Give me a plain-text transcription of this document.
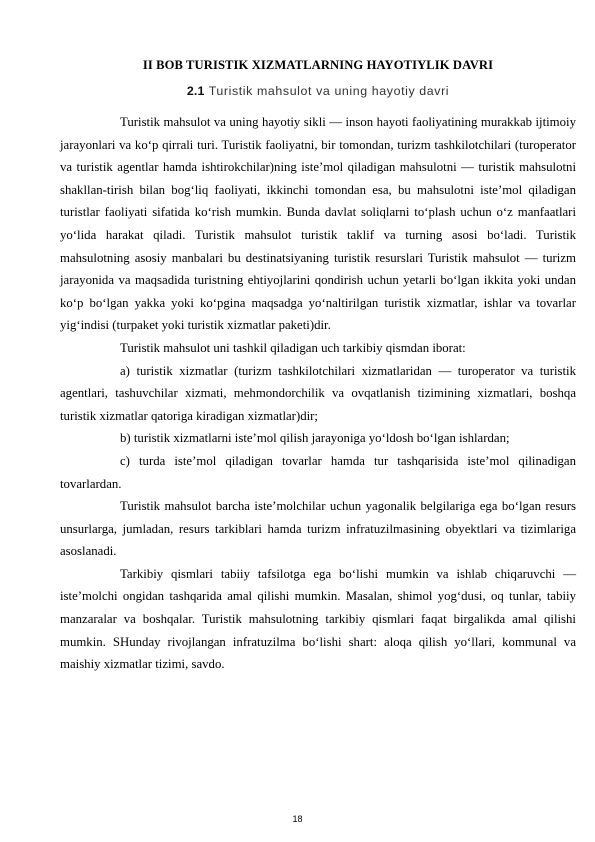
II BOB TURISTIK XIZMATLARNING HAYOTIYLIK DAVRI
2.1 Turistik mahsulot va uning hayotiy davri

Turistik mahsulot va uning hayotiy sikli — inson hayoti faoliyatining murakkab ijtimoiy jarayonlari va ko‘p qirrali turi. Turistik faoliyatni, bir tomondan, turizm tashkilotchilari (turoperator va turistik agentlar hamda ishtirokchilar)ning iste’mol qiladigan mahsulotni — turistik mahsulotni shakllan-tirish bilan bog‘liq faoliyati, ikkinchi tomondan esa, bu mahsulotni iste’mol qiladigan turistlar faoliyati sifatida ko‘rish mumkin. Bunda davlat soliqlarni to‘plash uchun o‘z manfaatlari yo‘lida harakat qiladi. Turistik mahsulot turistik taklif va turning asosi bo‘ladi. Turistik mahsulotning asosiy manbalari bu destinatsiyaning turistik resurslari Turistik mahsulot — turizm jarayonida va maqsadida turistning ehtiyojlarini qondirish uchun yetarli bo‘lgan ikkita yoki undan ko‘p bo‘lgan yakka yoki ko‘pgina maqsadga yo‘naltirilgan turistik xizmatlar, ishlar va tovarlar yig‘indisi (turpaket yoki turistik xizmatlar paketi)dir.

Turistik mahsulot uni tashkil qiladigan uch tarkibiy qismdan iborat:

a) turistik xizmatlar (turizm tashkilotchilari xizmatlaridan — turoperator va turistik agentlari, tashuvchilar xizmati, mehmondorchilik va ovqatlanish tizimining xizmatlari, boshqa turistik xizmatlar qatoriga kiradigan xizmatlar)dir;

b) turistik xizmatlarni iste’mol qilish jarayoniga yo‘ldosh bo‘lgan ishlardan;

c) turda iste’mol qiladigan tovarlar hamda tur tashqarisida iste’mol qilinadigan tovarlardan.

Turistik mahsulot barcha iste’molchilar uchun yagonalik belgilariga ega bo‘lgan resurs unsurlarga, jumladan, resurs tarkiblari hamda turizm infratuzilmasining obyektlari va tizimlariga asoslanadi.

Tarkibiy qismlari tabiiy tafsilotga ega bo‘lishi mumkin va ishlab chiqaruvchi — iste’molchi ongidan tashqarida amal qilishi mumkin. Masalan, shimol yog‘dusi, oq tunlar, tabiiy manzaralar va boshqalar. Turistik mahsulotning tarkibiy qismlari faqat birgalikda amal qilishi mumkin. SHunday rivojlangan infratuzilma bo‘lishi shart: aloqa qilish yo‘llari, kommunal va maishiy xizmatlar tizimi, savdo.

18
